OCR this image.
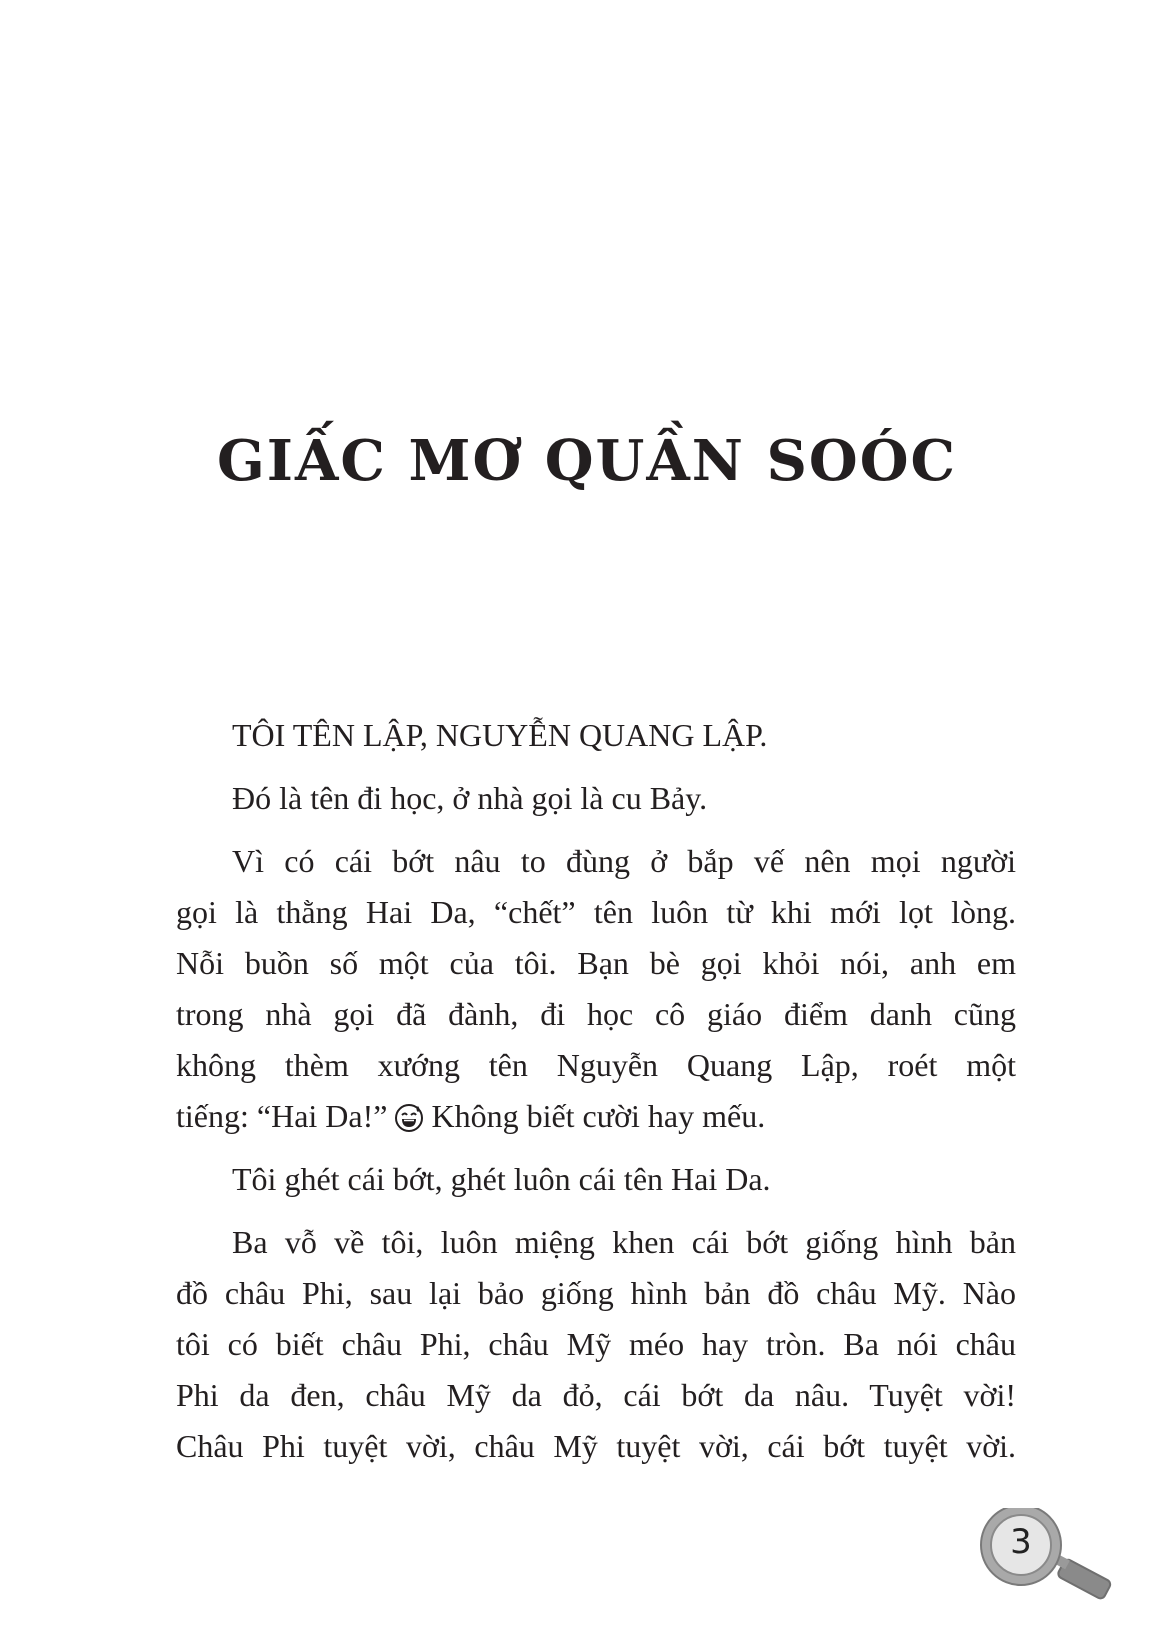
GIẤC MƠ QUẦN SOÓC

TÔI TÊN LẬP, NGUYỄN QUANG LẬP.

Đó là tên đi học, ở nhà gọi là cu Bảy.

Vì có cái bớt nâu to đùng ở bắp vế nên mọi người
gọi là thằng Hai Da, “chết” tên luôn từ khi mới lọt lòng.
Nỗi buồn số một của tôi. Bạn bè gọi khỏi nói, anh em
trong nhà gọi đã đành, đi học cô giáo điểm danh cũng
không thèm xướng tên Nguyễn Quang Lập, roét một
tiếng: “Hai Da!” Không biết cười hay mếu.

Tôi ghét cái bớt, ghét luôn cái tên Hai Da.

Ba vỗ về tôi, luôn miệng khen cái bớt giống hình bản
đồ châu Phi, sau lại bảo giống hình bản đồ châu Mỹ. Nào
tôi có biết châu Phi, châu Mỹ méo hay tròn. Ba nói châu
Phi da đen, châu Mỹ da đỏ, cái bớt da nâu. Tuyệt vời!
Châu Phi tuyệt vời, châu Mỹ tuyệt vời, cái bớt tuyệt vời.

3
